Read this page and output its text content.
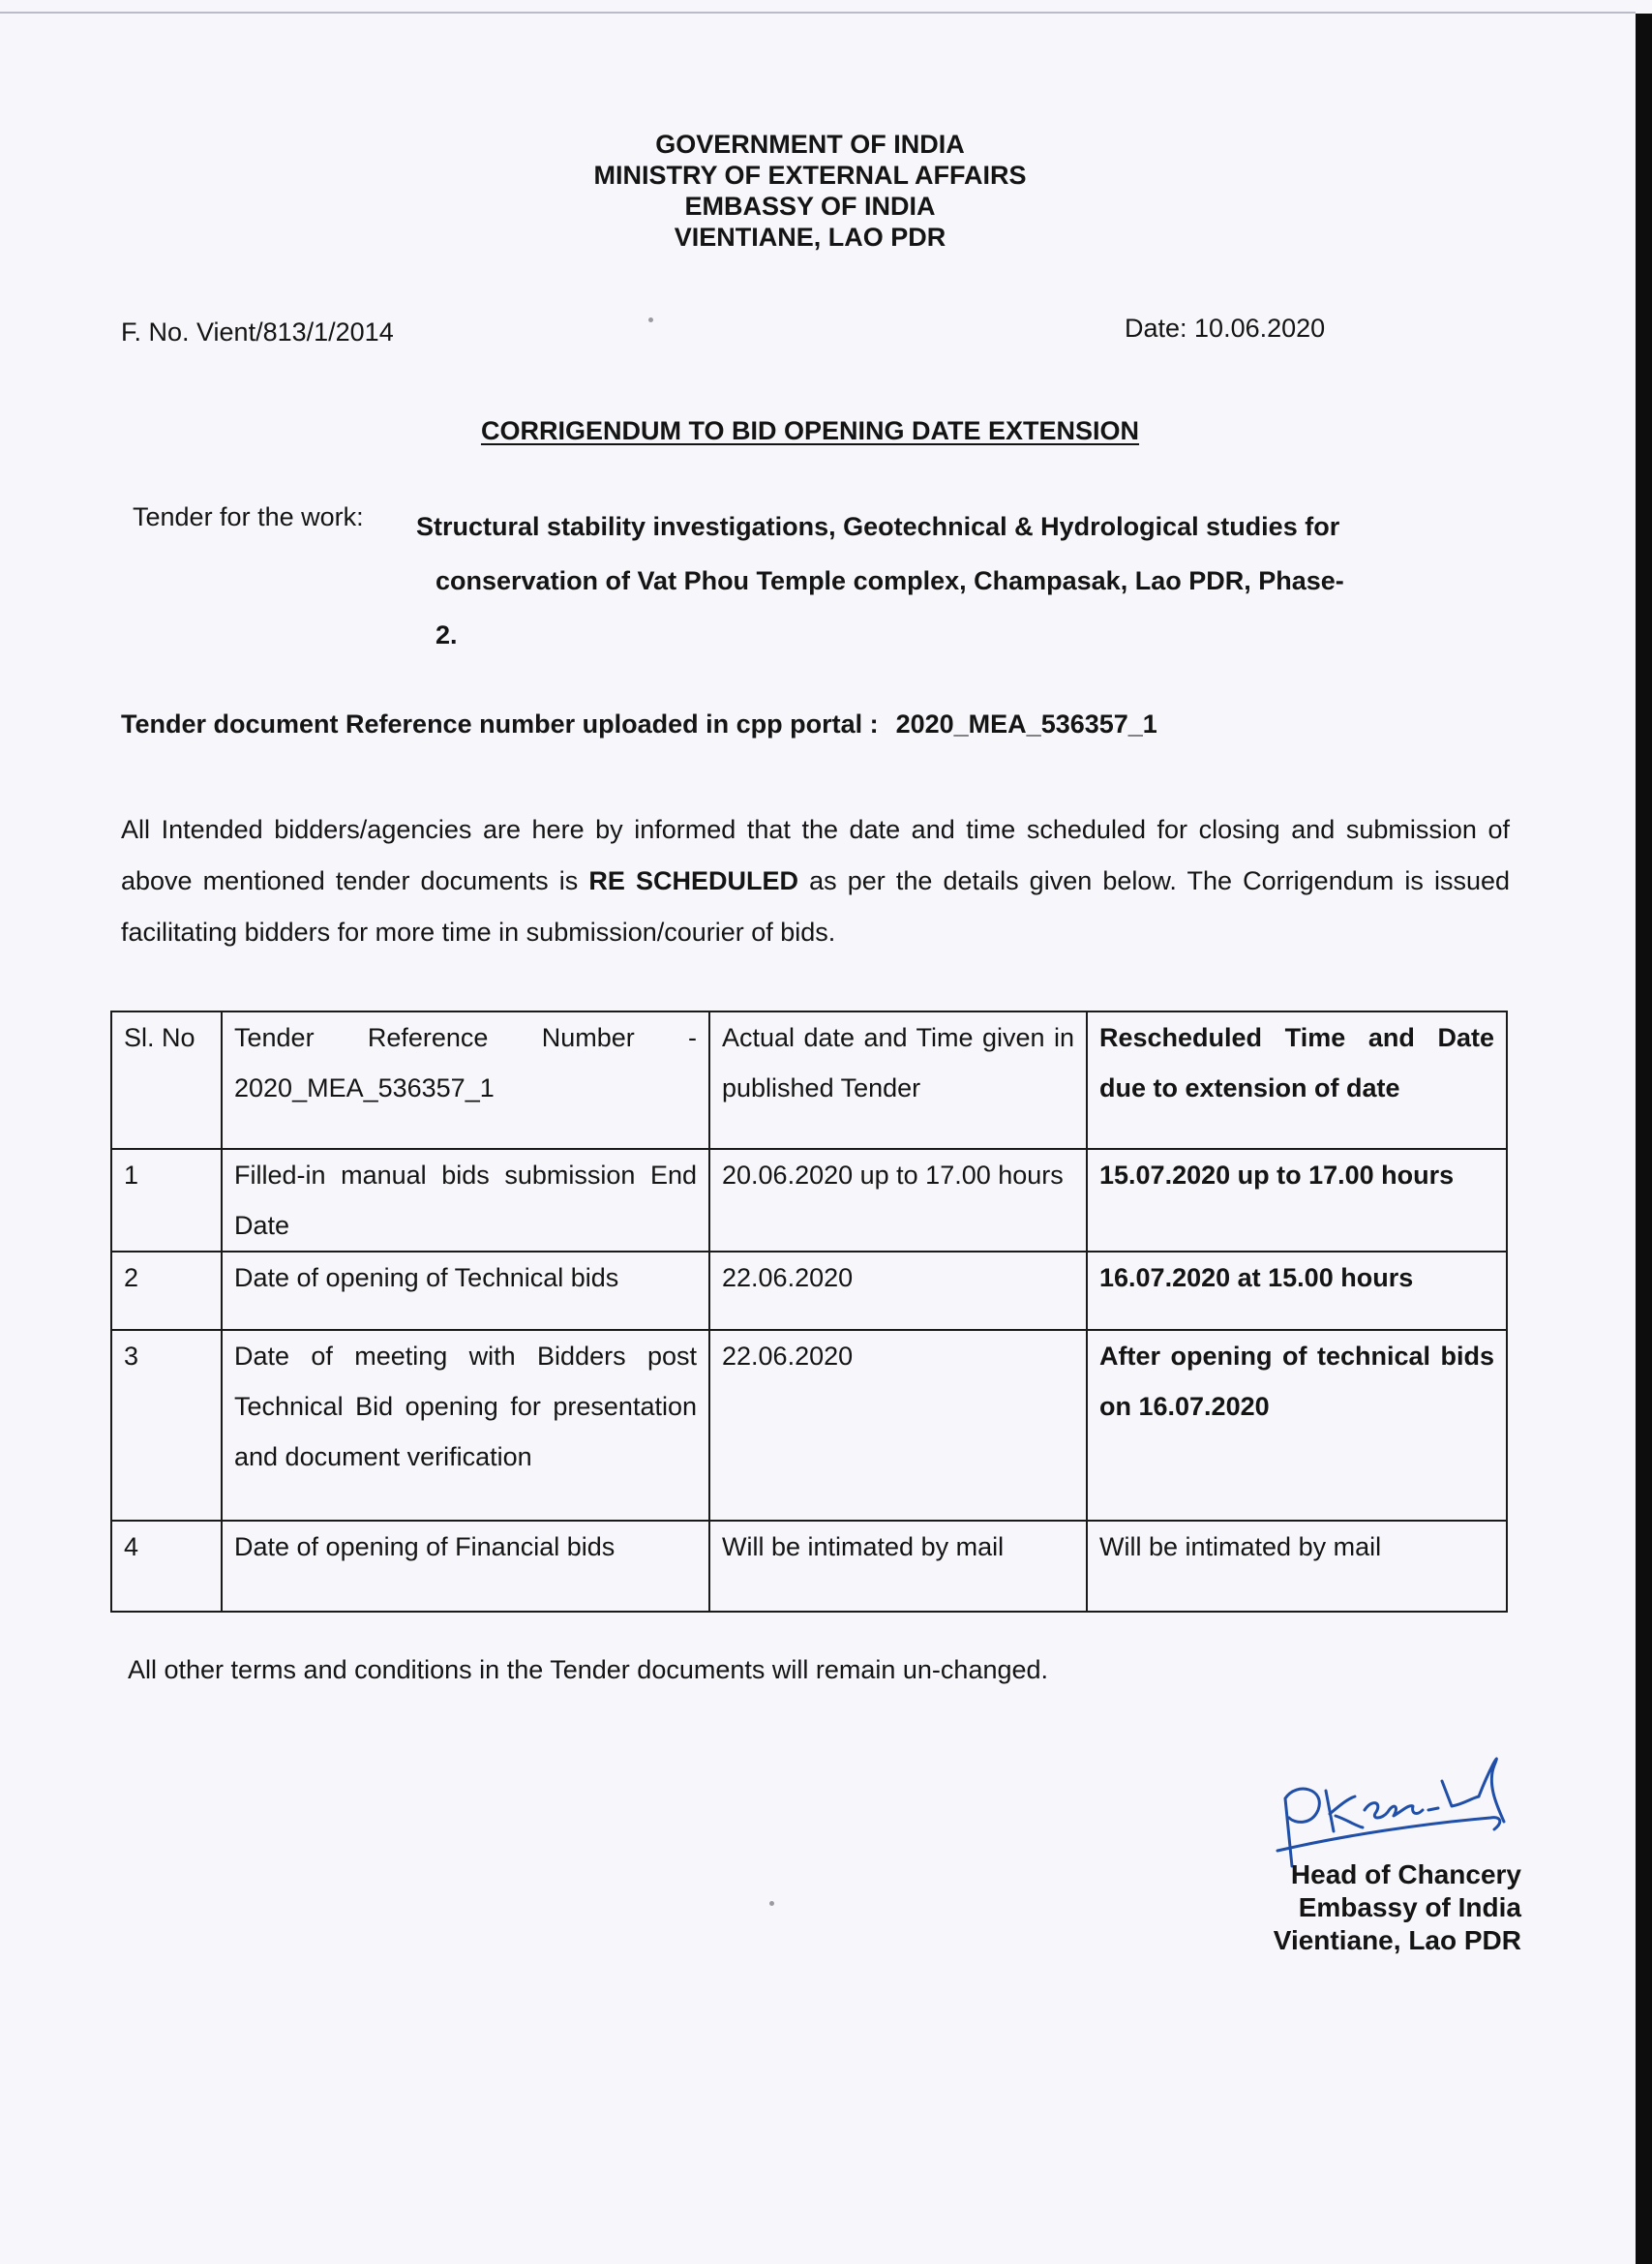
GOVERNMENT OF INDIA
MINISTRY OF EXTERNAL AFFAIRS
EMBASSY OF INDIA
VIENTIANE, LAO PDR
F. No. Vient/813/1/2014	Date: 10.06.2020
CORRIGENDUM TO BID OPENING DATE EXTENSION
Tender for the work: Structural stability investigations, Geotechnical & Hydrological studies for
conservation of Vat Phou Temple complex, Champasak, Lao PDR, Phase-
2.
Tender document Reference number uploaded in cpp portal : 2020_MEA_536357_1
All Intended bidders/agencies are here by informed that the date and time scheduled for closing and submission of above mentioned tender documents is RE SCHEDULED as per the details given below. The Corrigendum is issued facilitating bidders for more time in submission/courier of bids.
Sl. No	Tender Reference Number - 2020_MEA_536357_1	Actual date and Time given in published Tender	Rescheduled Time and Date due to extension of date
1	Filled-in manual bids submission End Date	20.06.2020 up to 17.00 hours	15.07.2020 up to 17.00 hours
2	Date of opening of Technical bids	22.06.2020	16.07.2020 at 15.00 hours
3	Date of meeting with Bidders post Technical Bid opening for presentation and document verification	22.06.2020	After opening of technical bids on 16.07.2020
4	Date of opening of Financial bids	Will be intimated by mail	Will be intimated by mail
All other terms and conditions in the Tender documents will remain un-changed.
Head of Chancery
Embassy of India
Vientiane, Lao PDR
